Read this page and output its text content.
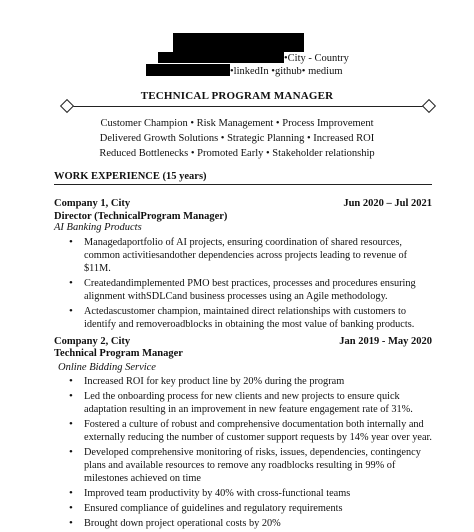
•City - Country
•linkedIn •github• medium
TECHNICAL PROGRAM MANAGER
Customer Champion • Risk Management • Process Improvement
Delivered Growth Solutions • Strategic Planning • Increased ROI
Reduced Bottlenecks • Promoted Early • Stakeholder relationship
WORK EXPERIENCE (15 years)
Company 1, City	Jun 2020 – Jul 2021
Director (TechnicalProgram Manager)
AI Banking Products
• Managedaportfolio of AI projects, ensuring coordination of shared resources, common activitiesandother dependencies across projects leading to revenue of $11M.
• Createdandimplemented PMO best practices, processes and procedures ensuring alignment withSDLCand business processes using an Agile methodology.
• Actedascustomer champion, maintained direct relationships with customers to identify and removeroadblocks in obtaining the most value of banking products.
Company 2, City	Jan 2019 - May 2020
Technical Program Manager
Online Bidding Service
• Increased ROI for key product line by 20% during the program
• Led the onboarding process for new clients and new projects to ensure quick adaptation resulting in an improvement in new feature engagement rate of 31%.
• Fostered a culture of robust and comprehensive documentation both internally and externally reducing the number of customer support requests by 14% year over year.
• Developed comprehensive monitoring of risks, issues, dependencies, contingency plans and available resources to remove any roadblocks resulting in 99% of milestones achieved on time
• Improved team productivity by 40% with cross-functional teams
• Ensured compliance of guidelines and regulatory requirements
• Brought down project operational costs by 20%
